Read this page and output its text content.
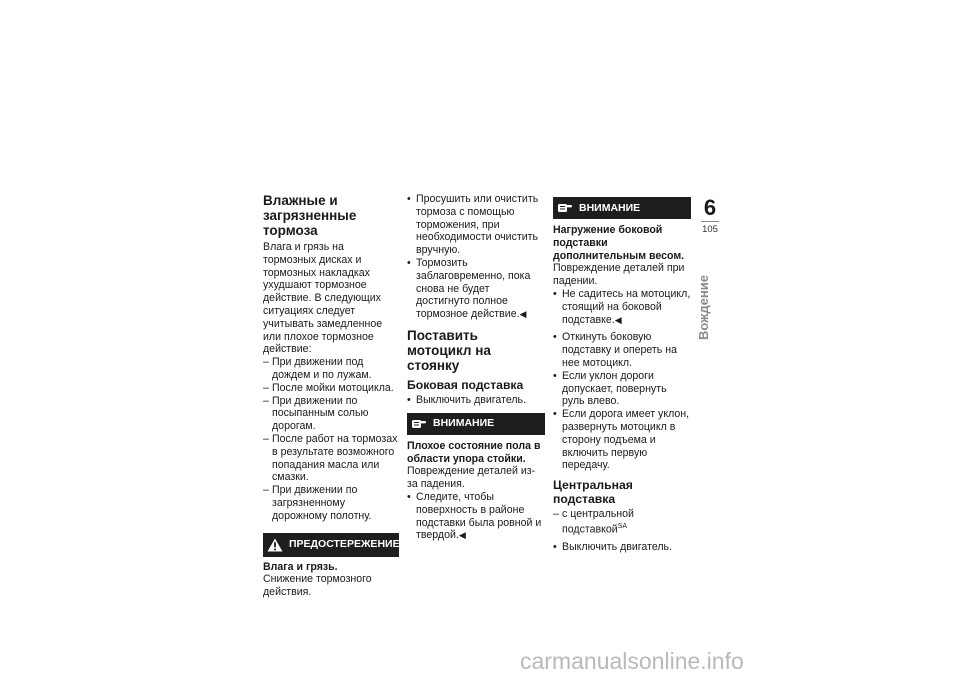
Влажные и загрязненные тормоза

Влага и грязь на тормозных дисках и тормозных накладках ухудшают тормозное действие. В следующих ситуациях следует учитывать замедленное или плохое тормозное действие:

– При движении под дождем и по лужам.
– После мойки мотоцикла.
– При движении по посыпанным солью дорогам.
– После работ на тормозах в результате возможного попадания масла или смазки.
– При движении по загрязненному дорожному полотну.
ПРЕДОСТЕРЕЖЕНИЕ

Влага и грязь.

Снижение тормозного действия.

• Просушить или очистить тормоза с помощью торможения, при необходимости очистить вручную.
• Тормозить заблаговременно, пока снова не будет достигнуто полное тормозное действие.◀
Поставить мотоцикл на стоянку
Боковая подставка
• Выключить двигатель.
ВНИМАНИЕ

Плохое состояние пола в области упора стойки.

Повреждение деталей из-за падения.

• Следите, чтобы поверхность в районе подставки была ровной и твердой.◀
ВНИМАНИЕ

Нагружение боковой подставки дополнительным весом.

Повреждение деталей при падении.

• Не садитесь на мотоцикл, стоящий на боковой подставке.◀
• Откинуть боковую подставку и опереть на нее мотоцикл.
• Если уклон дороги допускает, повернуть руль влево.
• Если дорога имеет уклон, развернуть мотоцикл в сторону подъема и включить первую передачу.
Центральная подставка
– с центральной подставкой$^{SA}$
• Выключить двигатель.
6
105
Вождение
carmanualsonline.info
